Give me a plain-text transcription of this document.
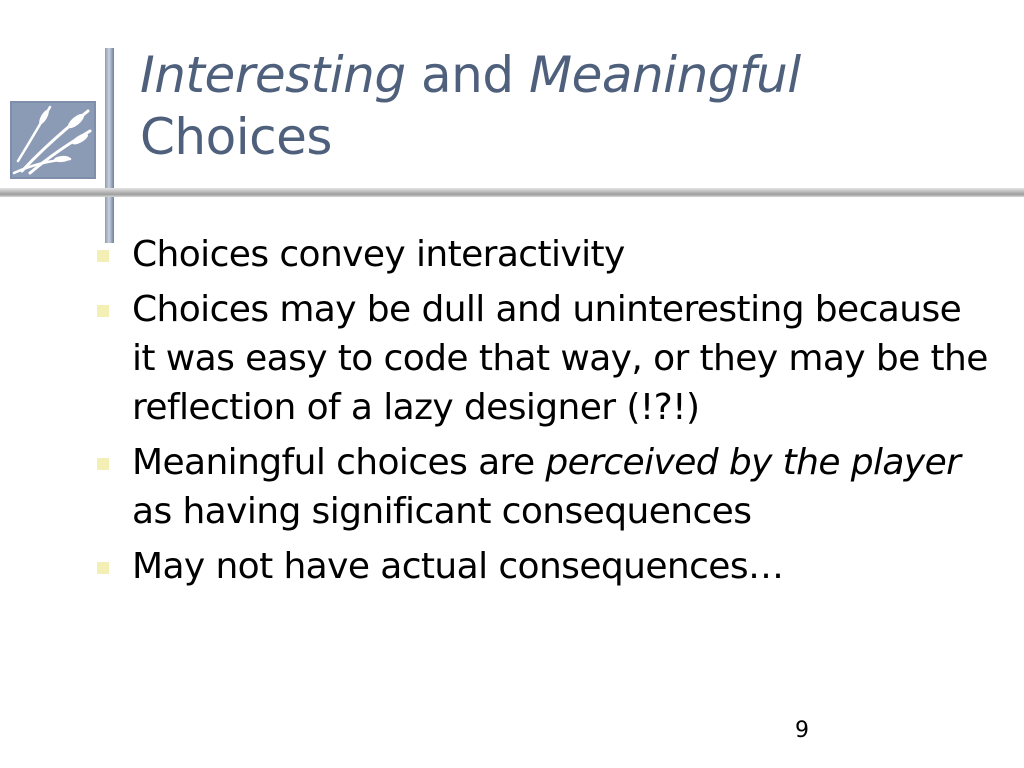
Interesting and Meaningful
Choices
Choices convey interactivity
Choices may be dull and uninteresting because it was easy to code that way, or they may be the reflection of a lazy designer (!?!)
Meaningful choices are perceived by the player as having significant consequences
May not have actual consequences…
9
